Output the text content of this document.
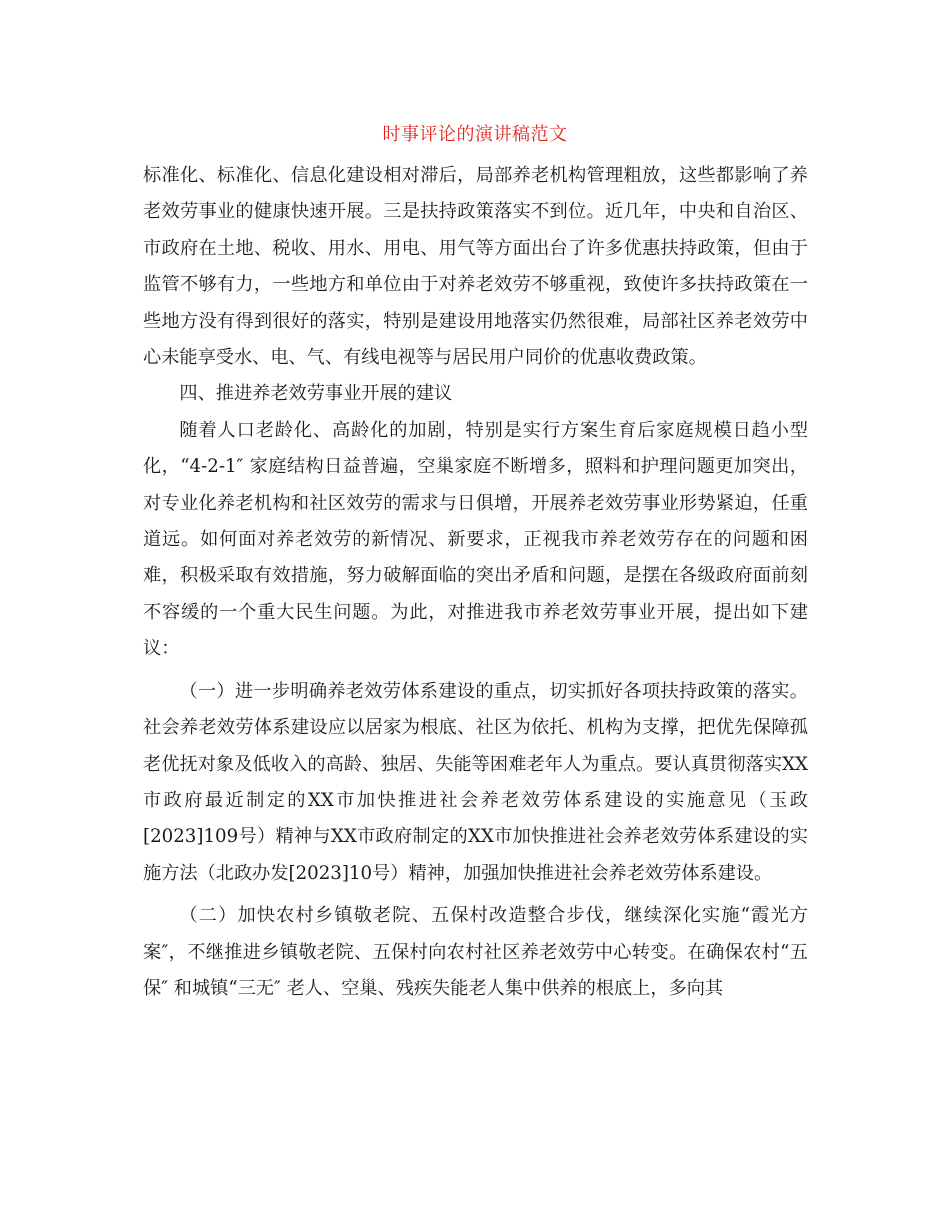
时事评论的演讲稿范文

标准化、标准化、信息化建设相对滞后，局部养老机构管理粗放，这些都影响了养老效劳事业的健康快速开展。三是扶持政策落实不到位。近几年，中央和自治区、市政府在土地、税收、用水、用电、用气等方面出台了许多优惠扶持政策，但由于监管不够有力，一些地方和单位由于对养老效劳不够重视，致使许多扶持政策在一些地方没有得到很好的落实，特别是建设用地落实仍然很难，局部社区养老效劳中心未能享受水、电、气、有线电视等与居民用户同价的优惠收费政策。

四、推进养老效劳事业开展的建议

随着人口老龄化、高龄化的加剧，特别是实行方案生育后家庭规模日趋小型化，“4-2-1″ 家庭结构日益普遍，空巢家庭不断增多，照料和护理问题更加突出，对专业化养老机构和社区效劳的需求与日俱增，开展养老效劳事业形势紧迫，任重道远。如何面对养老效劳的新情况、新要求，正视我市养老效劳存在的问题和困难，积极采取有效措施，努力破解面临的突出矛盾和问题，是摆在各级政府面前刻不容缓的一个重大民生问题。为此，对推进我市养老效劳事业开展，提出如下建议：

（一）进一步明确养老效劳体系建设的重点，切实抓好各项扶持政策的落实。社会养老效劳体系建设应以居家为根底、社区为依托、机构为支撑，把优先保障孤老优抚对象及低收入的高龄、独居、失能等困难老年人为重点。要认真贯彻落实XX市政府最近制定的XX市加快推进社会养老效劳体系建设的实施意见（玉政[2023]109号）精神与XX市政府制定的XX市加快推进社会养老效劳体系建设的实施方法（北政办发[2023]10号）精神，加强加快推进社会养老效劳体系建设。

（二）加快农村乡镇敬老院、五保村改造整合步伐，继续深化实施“霞光方案″，不继推进乡镇敬老院、五保村向农村社区养老效劳中心转变。在确保农村“五保″ 和城镇“三无″ 老人、空巢、残疾失能老人集中供养的根底上，多向其
